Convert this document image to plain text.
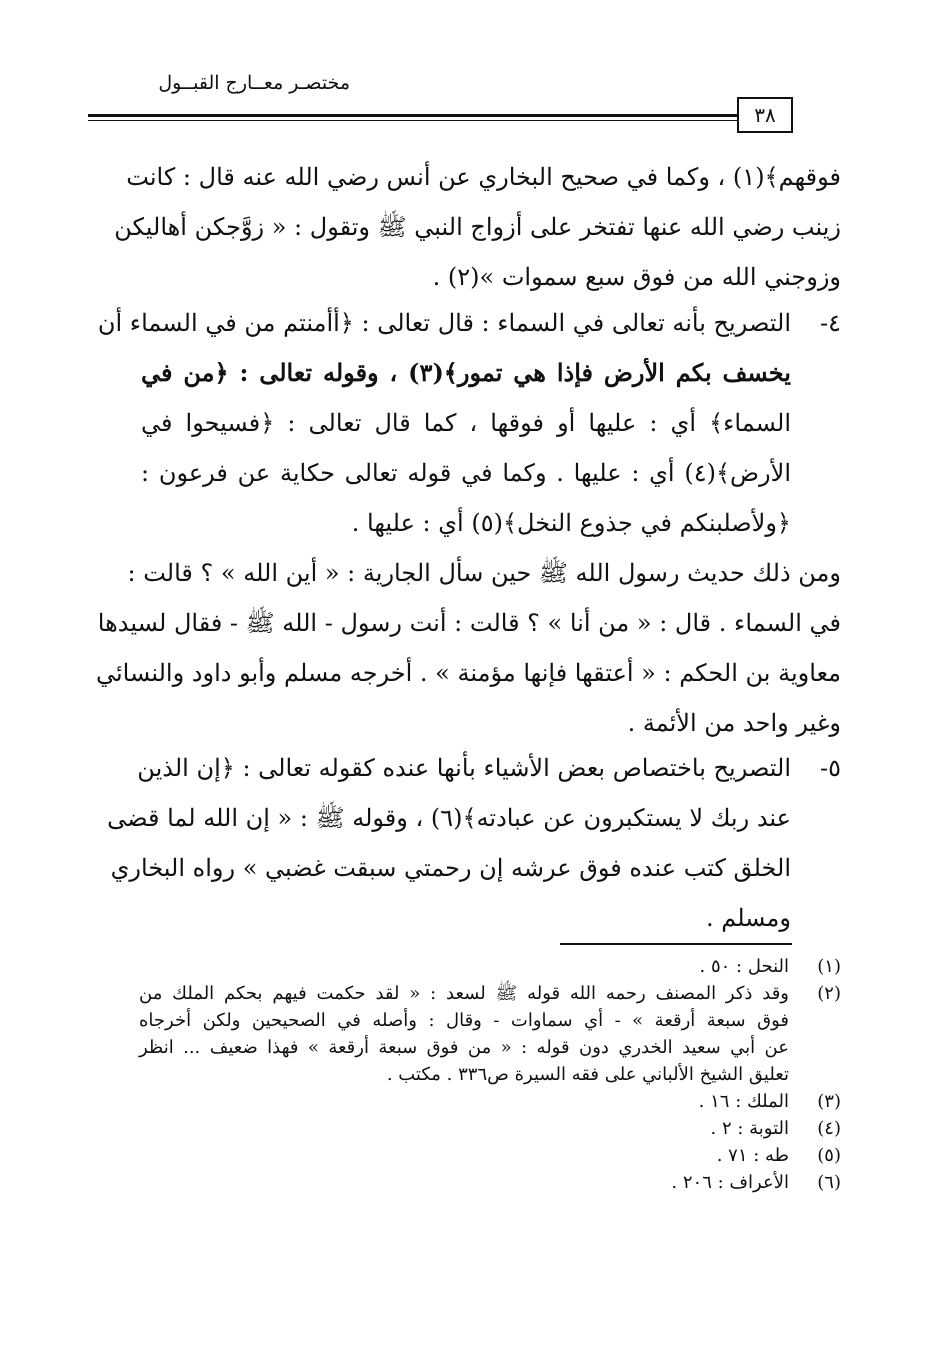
مختصـر معــارج القبــول
٣٨
فوقهم﴾(١) ، وكما في صحيح البخاري عن أنس رضي الله عنه قال : كانت
زينب رضي الله عنها تفتخر على أزواج النبي ﷺ وتقول : « زوَّجكن أهاليكن
وزوجني الله من فوق سبع سموات »(٢) .
٤-التصريح بأنه تعالى في السماء : قال تعالى : ﴿أأمنتم من في السماء أن
يخسف بكم الأرض فإذا هي تمور﴾(٣) ، وقوله تعالى : ﴿من في
السماء﴾ أي : عليها أو فوقها ، كما قال تعالى : ﴿فسيحوا في
الأرض﴾(٤) أي : عليها . وكما في قوله تعالى حكاية عن فرعون :
﴿ولأصلبنكم في جذوع النخل﴾(٥) أي : عليها .
ومن ذلك حديث رسول الله ﷺ حين سأل الجارية : « أين الله » ؟ قالت :
في السماء . قال : « من أنا » ؟ قالت : أنت رسول - الله ﷺ - فقال لسيدها
معاوية بن الحكم : « أعتقها فإنها مؤمنة » . أخرجه مسلم وأبو داود والنسائي
وغير واحد من الأئمة .
٥-التصريح باختصاص بعض الأشياء بأنها عنده كقوله تعالى : ﴿إن الذين
عند ربك لا يستكبرون عن عبادته﴾(٦) ، وقوله ﷺ : « إن الله لما قضى
الخلق كتب عنده فوق عرشه إن رحمتي سبقت غضبي » رواه البخاري
ومسلم .
(١)
النحل : ٥٠ .
(٢)
وقد ذكر المصنف رحمه الله قوله ﷺ لسعد : « لقد حكمت فيهم بحكم الملك من
فوق سبعة أرقعة » - أي سماوات - وقال : وأصله في الصحيحين ولكن أخرجاه
عن أبي سعيد الخدري دون قوله : « من فوق سبعة أرقعة » فهذا ضعيف ... انظر
تعليق الشيخ الألباني على فقه السيرة ص٣٣٦ . مكتب .
(٣)
الملك : ١٦ .
(٤)
التوبة : ٢ .
(٥)
طه : ٧١ .
(٦)
الأعراف : ٢٠٦ .
